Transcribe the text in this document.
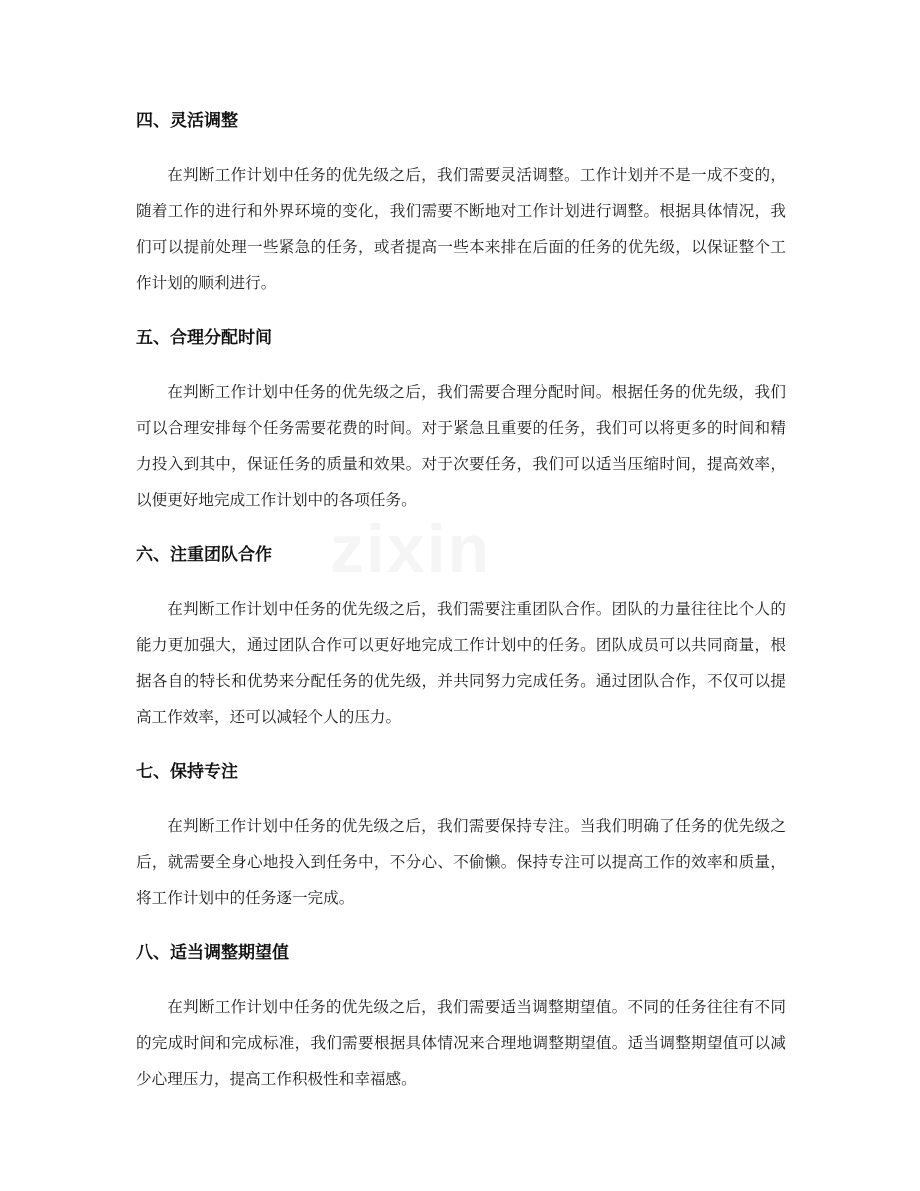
zixin
四、灵活调整

在判断工作计划中任务的优先级之后，我们需要灵活调整。工作计划并不是一成不变的，随着工作的进行和外界环境的变化，我们需要不断地对工作计划进行调整。根据具体情况，我们可以提前处理一些紧急的任务，或者提高一些本来排在后面的任务的优先级，以保证整个工作计划的顺利进行。

五、合理分配时间

在判断工作计划中任务的优先级之后，我们需要合理分配时间。根据任务的优先级，我们可以合理安排每个任务需要花费的时间。对于紧急且重要的任务，我们可以将更多的时间和精力投入到其中，保证任务的质量和效果。对于次要任务，我们可以适当压缩时间，提高效率，以便更好地完成工作计划中的各项任务。

六、注重团队合作

在判断工作计划中任务的优先级之后，我们需要注重团队合作。团队的力量往往比个人的能力更加强大，通过团队合作可以更好地完成工作计划中的任务。团队成员可以共同商量，根据各自的特长和优势来分配任务的优先级，并共同努力完成任务。通过团队合作，不仅可以提高工作效率，还可以减轻个人的压力。

七、保持专注

在判断工作计划中任务的优先级之后，我们需要保持专注。当我们明确了任务的优先级之后，就需要全身心地投入到任务中，不分心、不偷懒。保持专注可以提高工作的效率和质量，将工作计划中的任务逐一完成。

八、适当调整期望值

在判断工作计划中任务的优先级之后，我们需要适当调整期望值。不同的任务往往有不同的完成时间和完成标准，我们需要根据具体情况来合理地调整期望值。适当调整期望值可以减少心理压力，提高工作积极性和幸福感。
